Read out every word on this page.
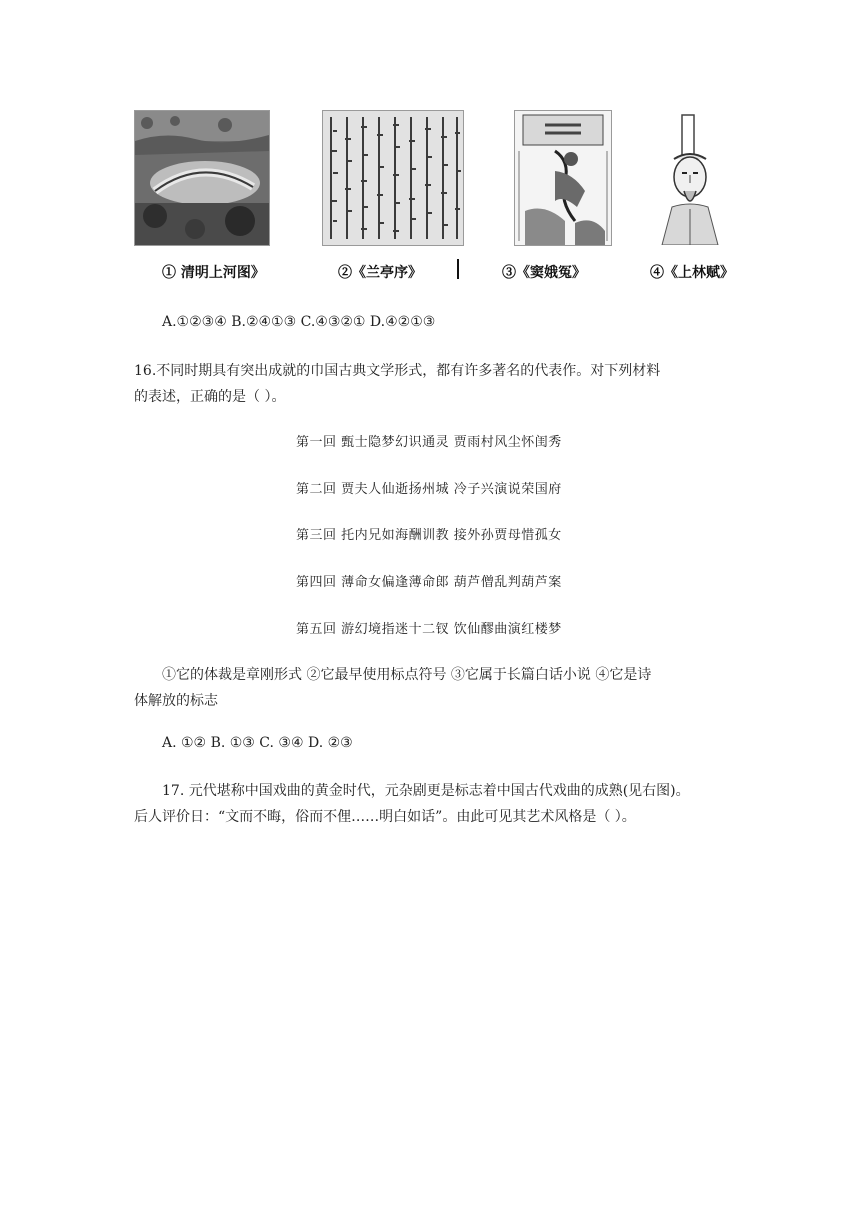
① 清明上河图》	②《兰亭序》	③《窦娥冤》	④《上林赋》
A.①②③④ B.②④①③ C.④③②① D.④②①③
16.不同时期具有突出成就的巾国古典文学形式，都有许多著名的代表作。对下列材料
的表述，正确的是（ ）。
第一回 甄士隐梦幻识通灵 贾雨村风尘怀闺秀
第二回 贾夫人仙逝扬州城 冷子兴演说荣国府
第三回 托内兄如海酬训教 接外孙贾母惜孤女
第四回 薄命女偏逢薄命郎 葫芦僧乱判葫芦案
第五回 游幻境指迷十二钗 饮仙醪曲演红楼梦
①它的体裁是章刚形式 ②它最早使用标点符号 ③它属于长篇白话小说 ④它是诗
体解放的标志
A. ①② B. ①③ C. ③④ D. ②③
17. 元代堪称中国戏曲的黄金时代，元杂剧更是标志着中国古代戏曲的成熟(见右图)。
后人评价日：“文而不晦，俗而不俚……明白如话”。由此可见其艺术风格是（ ）。
